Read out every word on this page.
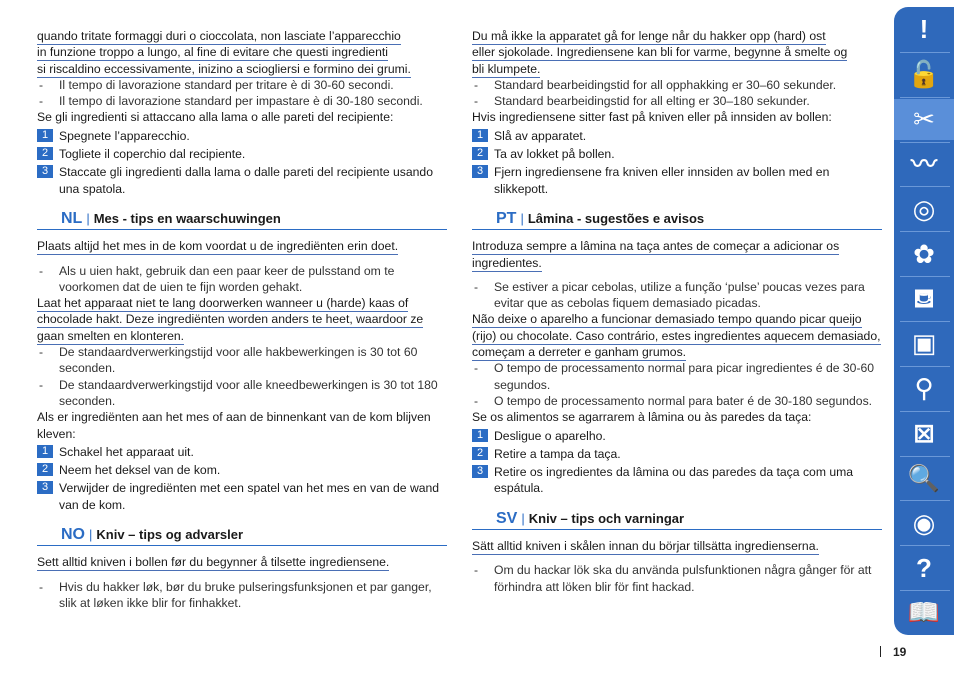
quando tritate formaggi duri o cioccolata, non lasciate l’apparecchio
in funzione troppo a lungo, al fine di evitare che questi ingredienti
si riscaldino eccessivamente, inizino a sciogliersi e formino dei grumi.

- Il tempo di lavorazione standard per tritare è di 30-60 secondi.
- Il tempo di lavorazione standard per impastare è di 30-180 secondi.

Se gli ingredienti si attaccano alla lama o alle pareti del recipiente:

1 Spegnete l’apparecchio.
2 Togliete il coperchio dal recipiente.
3 Staccate gli ingredienti dalla lama o dalle pareti del recipiente usando una spatola.
NL | Mes - tips en waarschuwingen

Plaats altijd het mes in de kom voordat u de ingrediënten erin doet.

- Als u uien hakt, gebruik dan een paar keer de pulsstand om te voorkomen dat de uien te fijn worden gehakt.

Laat het apparaat niet te lang doorwerken wanneer u (harde) kaas of chocolade hakt. Deze ingrediënten worden anders te heet, waardoor ze gaan smelten en klonteren.

- De standaardverwerkingstijd voor alle hakbewerkingen is 30 tot 60 seconden.
- De standaardverwerkingstijd voor alle kneedbewerkingen is 30 tot 180 seconden.

Als er ingrediënten aan het mes of aan de binnenkant van de kom blijven kleven:

1 Schakel het apparaat uit.
2 Neem het deksel van de kom.
3 Verwijder de ingrediënten met een spatel van het mes en van de wand van de kom.
NO | Kniv – tips og advarsler

Sett alltid kniven i bollen før du begynner å tilsette ingrediensene.

- Hvis du hakker løk, bør du bruke pulseringsfunksjonen et par ganger, slik at løken ikke blir for finhakket.

Du må ikke la apparatet gå for lenge når du hakker opp (hard) ost
eller sjokolade. Ingrediensene kan bli for varme, begynne å smelte og
bli klumpete.

- Standard bearbeidingstid for all opphakking er 30–60 sekunder.
- Standard bearbeidingstid for all elting er 30–180 sekunder.

Hvis ingrediensene sitter fast på kniven eller på innsiden av bollen:

1 Slå av apparatet.
2 Ta av lokket på bollen.
3 Fjern ingrediensene fra kniven eller innsiden av bollen med en slikkepott.
PT | Lâmina - sugestões e avisos

Introduza sempre a lâmina na taça antes de começar a adicionar os ingredientes.

- Se estiver a picar cebolas, utilize a função ‘pulse’ poucas vezes para evitar que as cebolas fiquem demasiado picadas.

Não deixe o aparelho a funcionar demasiado tempo quando picar queijo (rijo) ou chocolate. Caso contrário, estes ingredientes aquecem demasiado, começam a derreter e ganham grumos.

- O tempo de processamento normal para picar ingredientes é de 30-60 segundos.
- O tempo de processamento normal para bater é de 30-180 segundos.

Se os alimentos se agarrarem à lâmina ou às paredes da taça:

1 Desligue o aparelho.
2 Retire a tampa da taça.
3 Retire os ingredientes da lâmina ou das paredes da taça com uma espátula.
SV | Kniv – tips och varningar

Sätt alltid kniven i skålen innan du börjar tillsätta ingredienserna.

- Om du hackar lök ska du använda pulsfunktionen några gånger för att förhindra att löken blir för fint hackad.
!
🔓
✂
〰
◎
✿
⛾
▣
⚲
⊠
🔍
◉
?
📖
19
